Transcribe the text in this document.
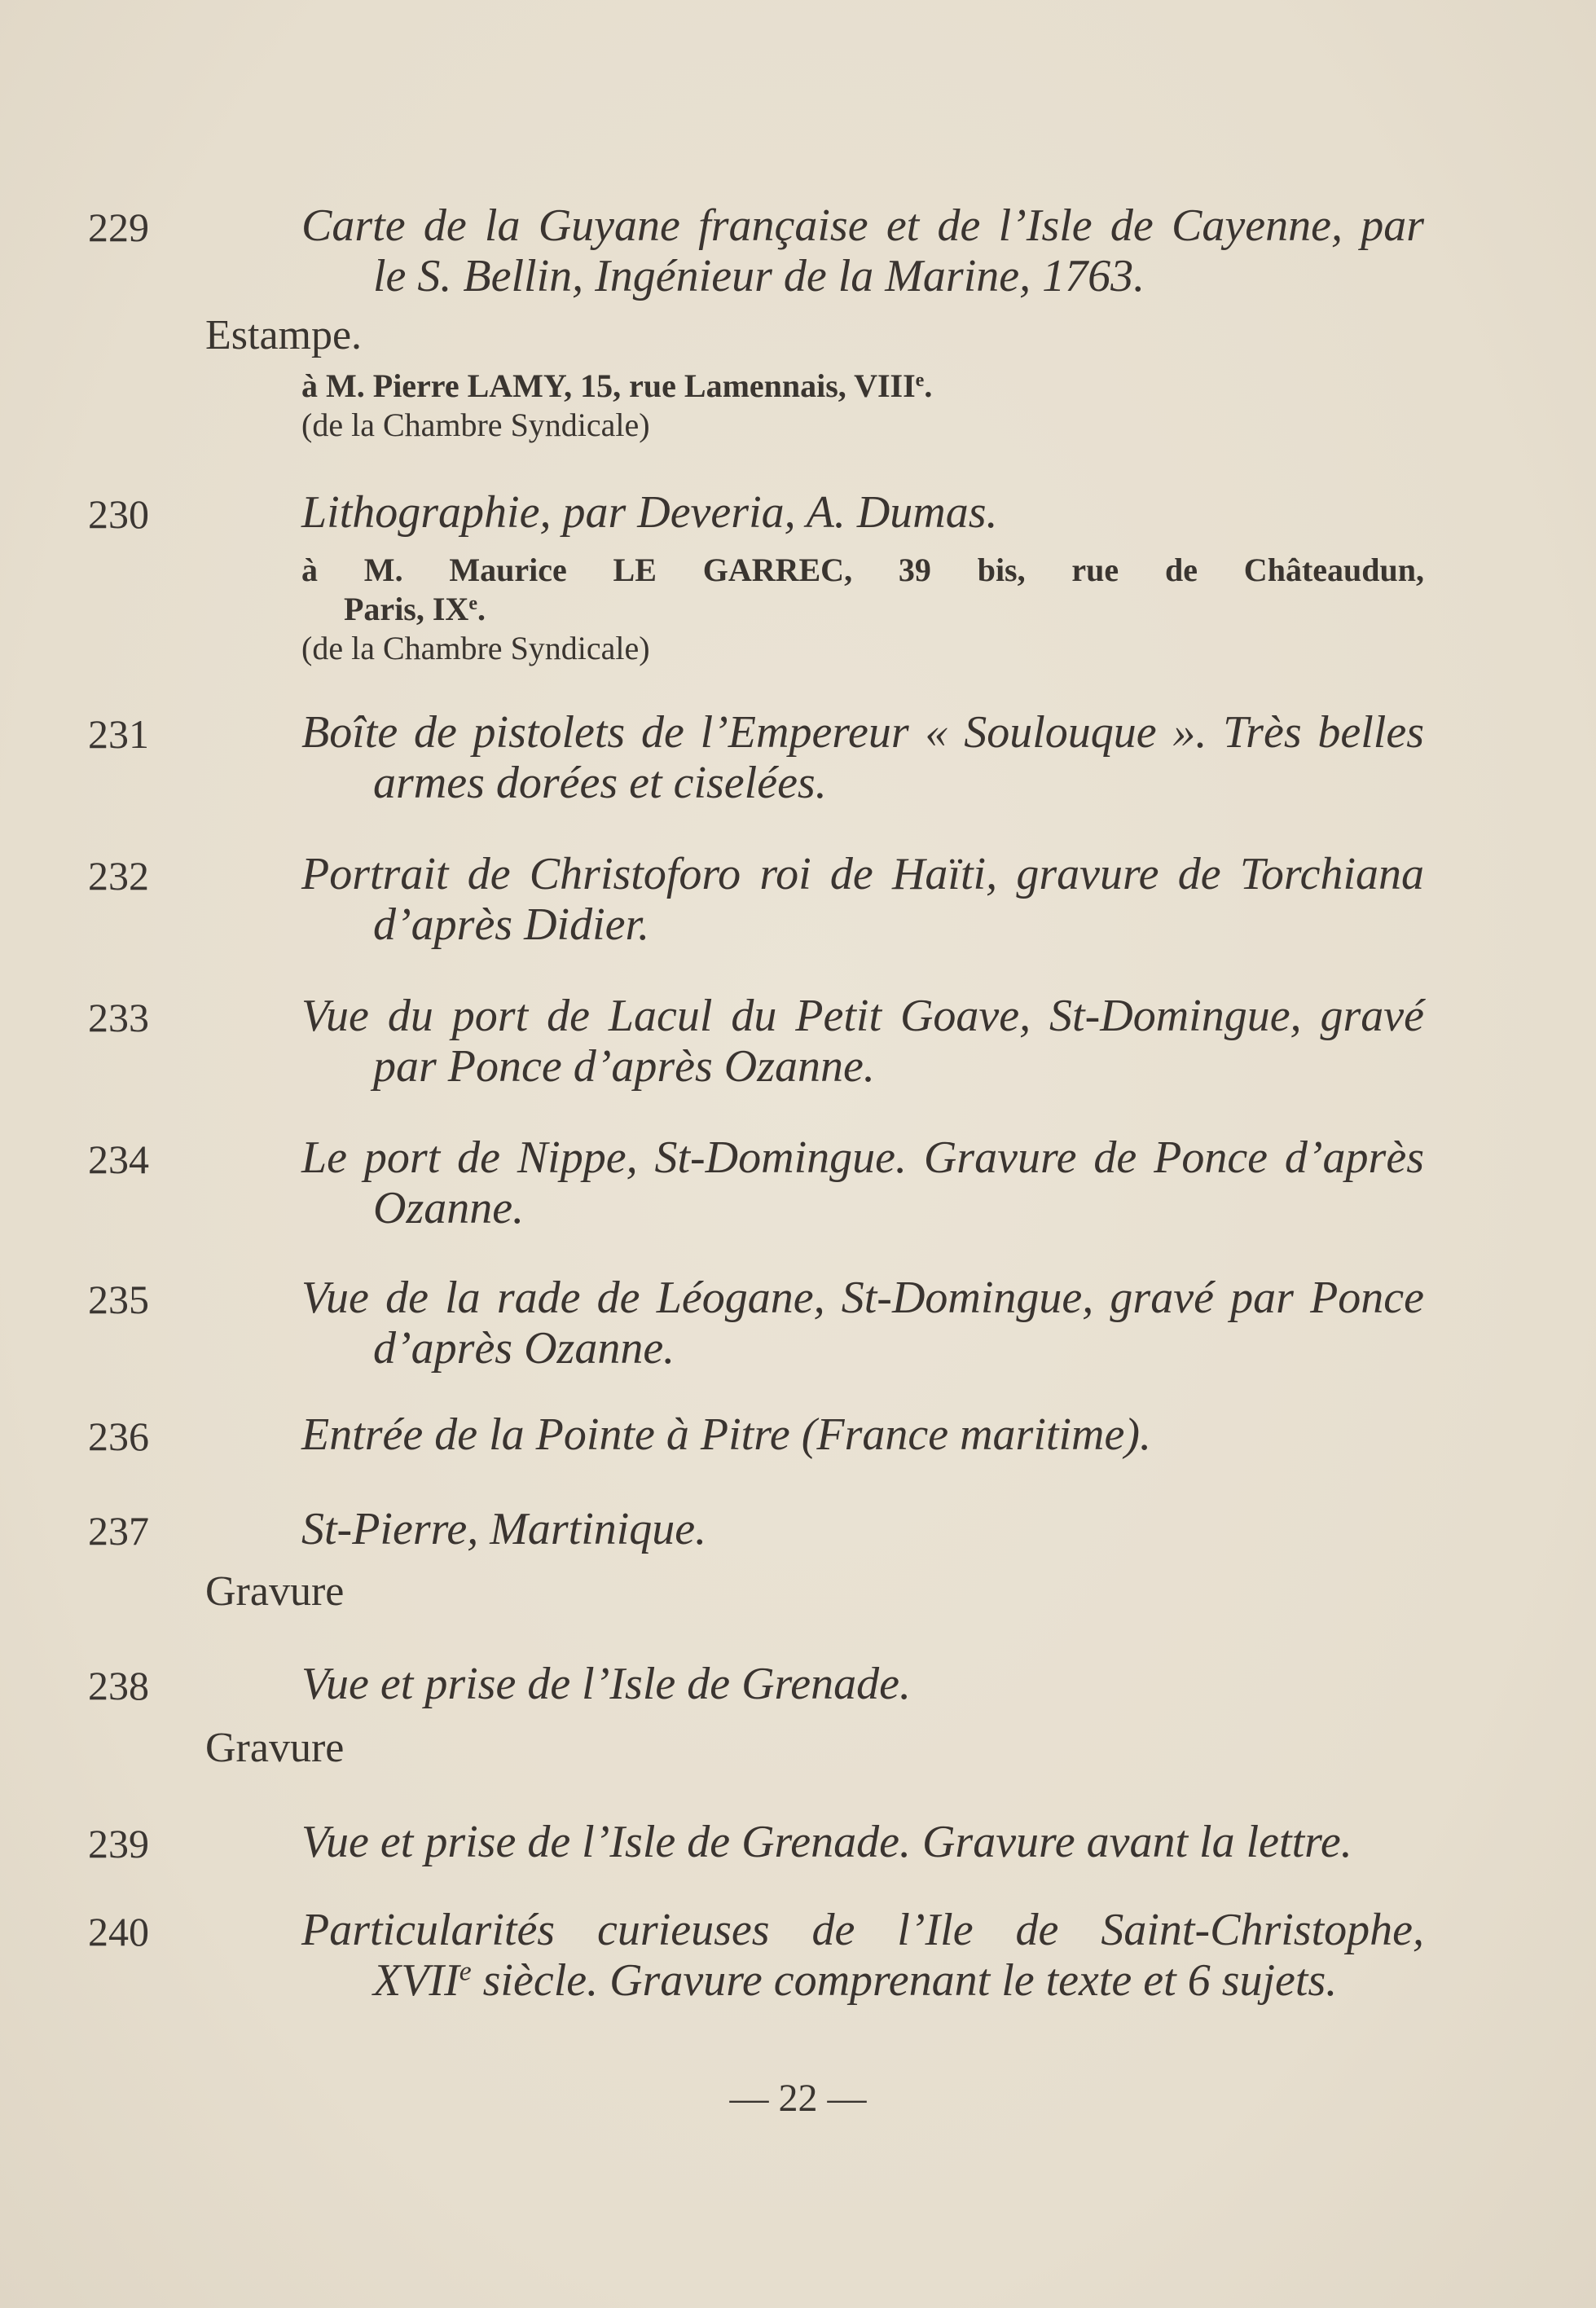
229	Carte de la Guyane française et de l’Isle de Cayenne, par
le S. Bellin, Ingénieur de la Marine, 1763.
Estampe.
à M. Pierre LAMY, 15, rue Lamennais, VIIIe.
(de la Chambre Syndicale)
230	Lithographie, par Deveria, A. Dumas.
à M. Maurice LE GARREC, 39 bis, rue de Châteaudun,
Paris, IXe.
(de la Chambre Syndicale)
231	Boîte de pistolets de l’Empereur « Soulouque ». Très belles
armes dorées et ciselées.
232	Portrait de Christoforo roi de Haïti, gravure de Torchiana
d’après Didier.
233	Vue du port de Lacul du Petit Goave, St-Domingue, gravé
par Ponce d’après Ozanne.
234	Le port de Nippe, St-Domingue. Gravure de Ponce d’après
Ozanne.
235	Vue de la rade de Léogane, St-Domingue, gravé par Ponce
d’après Ozanne.
236	Entrée de la Pointe à Pitre (France maritime).
237	St-Pierre, Martinique.
Gravure
238	Vue et prise de l’Isle de Grenade.
Gravure
239	Vue et prise de l’Isle de Grenade. Gravure avant la lettre.
240	Particularités curieuses de l’Ile de Saint-Christophe,
XVIIe siècle. Gravure comprenant le texte et 6 sujets.
— 22 —
